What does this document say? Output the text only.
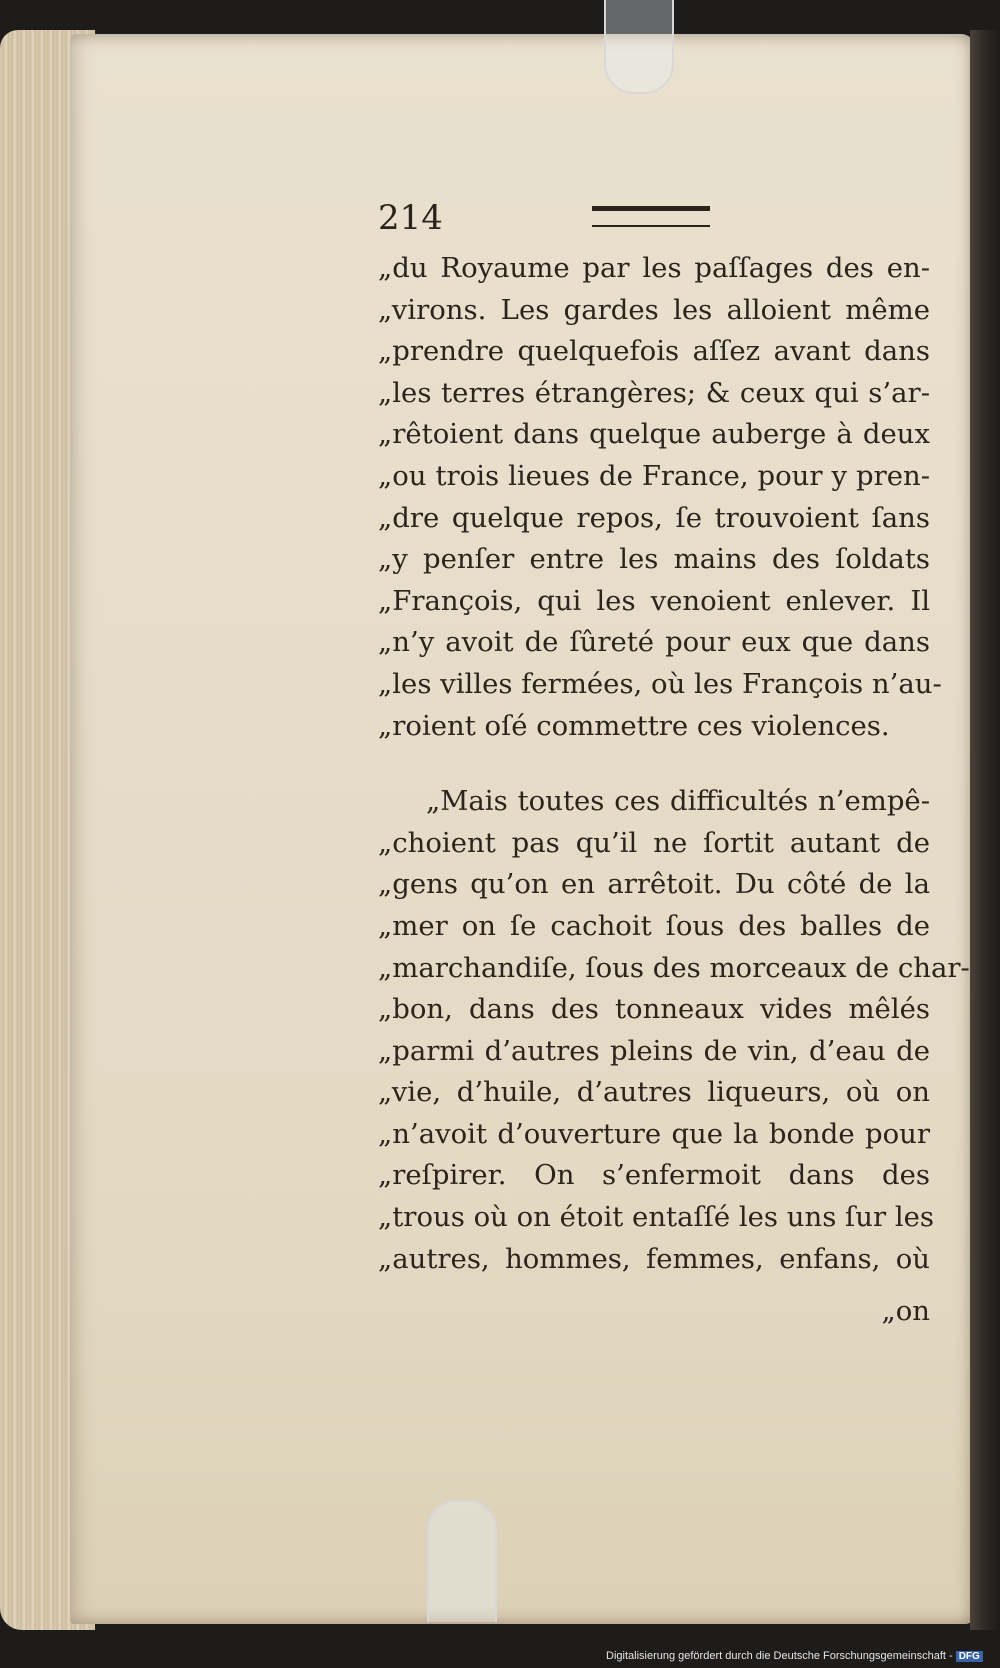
214
„du Royaume par les paſſages des en-
„virons. Les gardes les alloient même
„prendre quelquefois aſſez avant dans
„les terres étrangères; & ceux qui s’ar-
„rêtoient dans quelque auberge à deux
„ou trois lieues de France, pour y pren-
„dre quelque repos, ſe trouvoient ſans
„y penſer entre les mains des ſoldats
„François, qui les venoient enlever. Il
„n’y avoit de ſûreté pour eux que dans
„les villes fermées, où les François n’au-
„roient oſé commettre ces violences.
„Mais toutes ces difficultés n’empê-
„choient pas qu’il ne ſortit autant de
„gens qu’on en arrêtoit. Du côté de la
„mer on ſe cachoit ſous des balles de
„marchandiſe, ſous des morceaux de char-
„bon, dans des tonneaux vides mêlés
„parmi d’autres pleins de vin, d’eau de
„vie, d’huile, d’autres liqueurs, où on
„n’avoit d’ouverture que la bonde pour
„reſpirer. On s’enfermoit dans des
„trous où on étoit entaſſé les uns ſur les
„autres, hommes, femmes, enfans, où
„on
Digitalisierung gefördert durch die Deutsche Forschungsgemeinschaft - DFG
